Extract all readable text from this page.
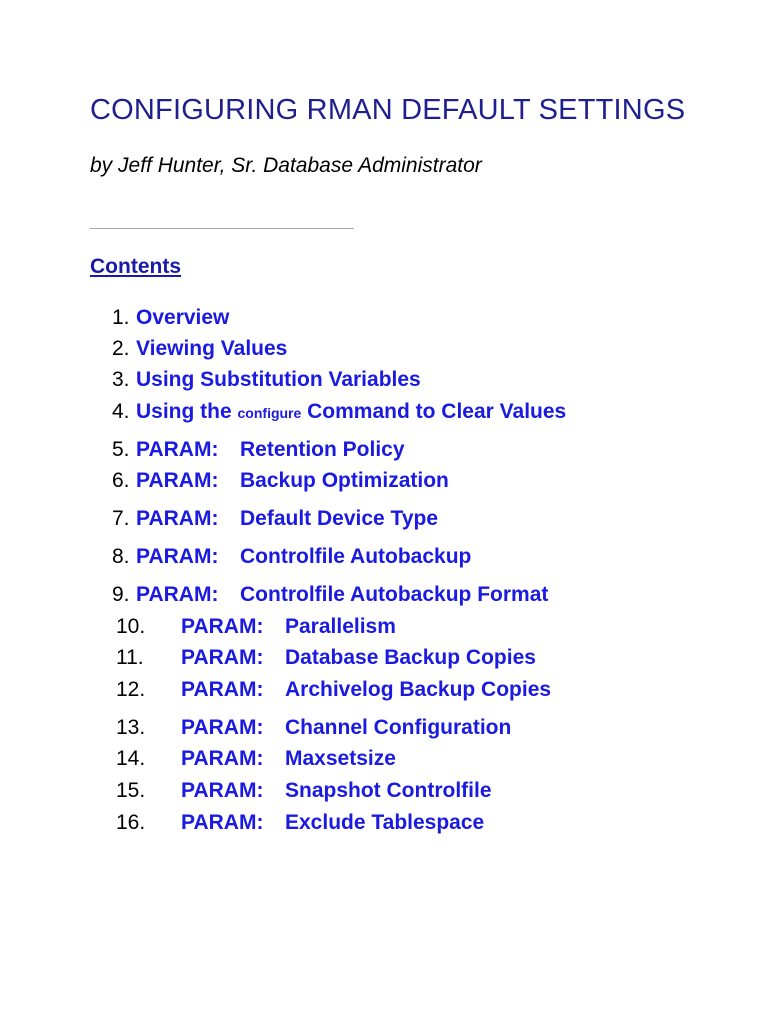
CONFIGURING RMAN DEFAULT SETTINGS
by Jeff Hunter, Sr. Database Administrator
Contents
1. Overview
2. Viewing Values
3. Using Substitution Variables
4. Using the configure Command to Clear Values
5. PARAM: Retention Policy
6. PARAM: Backup Optimization
7. PARAM: Default Device Type
8. PARAM: Controlfile Autobackup
9. PARAM: Controlfile Autobackup Format
10. PARAM: Parallelism
11. PARAM: Database Backup Copies
12. PARAM: Archivelog Backup Copies
13. PARAM: Channel Configuration
14. PARAM: Maxsetsize
15. PARAM: Snapshot Controlfile
16. PARAM: Exclude Tablespace
